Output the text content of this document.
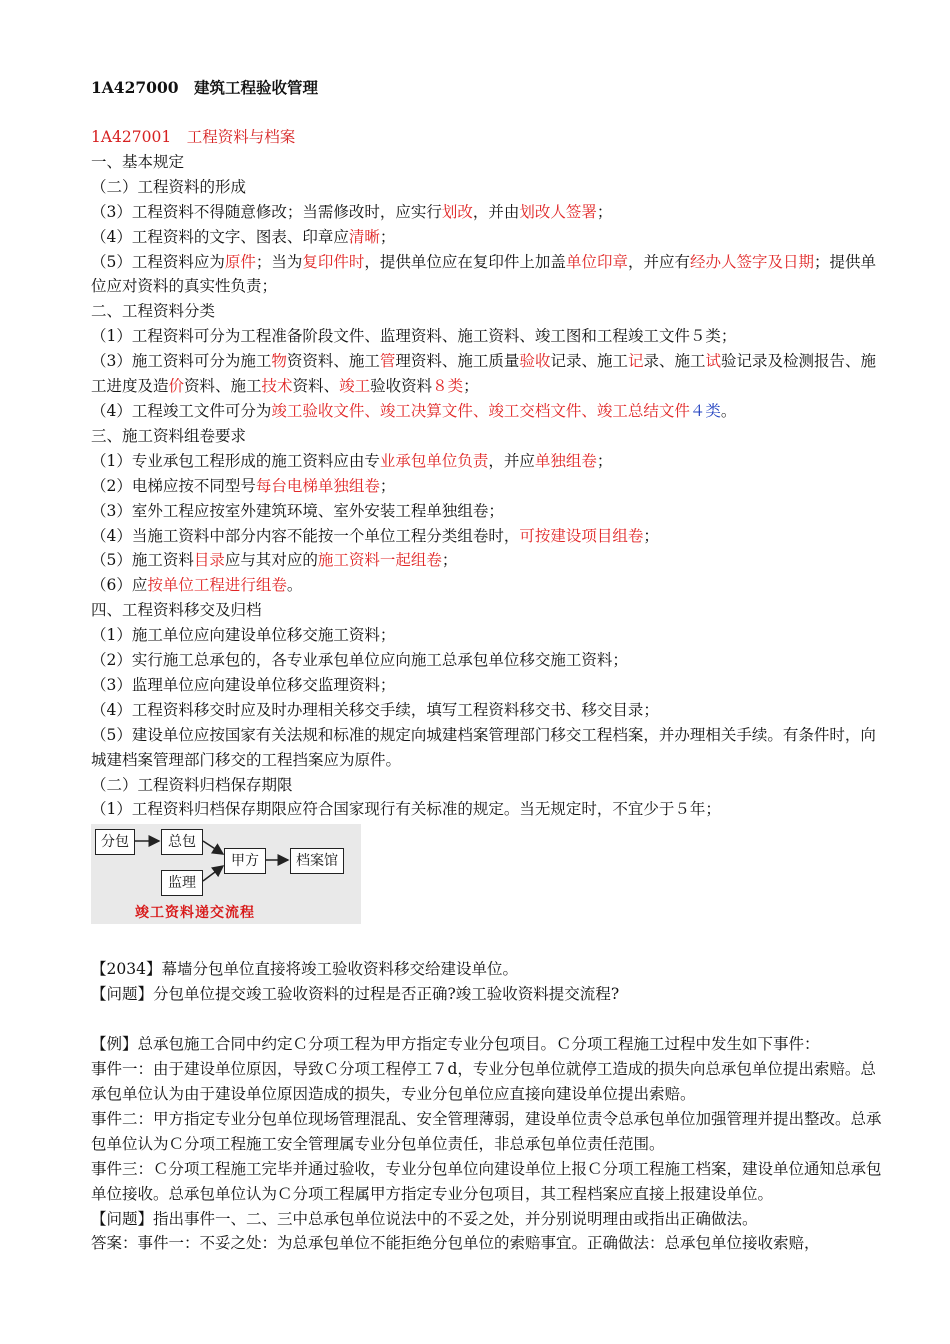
1A427000　建筑工程验收管理
1A427001　工程资料与档案
一、基本规定
（二）工程资料的形成
（3）工程资料不得随意修改；当需修改时，应实行划改，并由划改人签署；
（4）工程资料的文字、图表、印章应清晰；
（5）工程资料应为原件；当为复印件时，提供单位应在复印件上加盖单位印章，并应有经办人签字及日期；提供单位应对资料的真实性负责；
二、工程资料分类
（1）工程资料可分为工程准备阶段文件、监理资料、施工资料、竣工图和工程竣工文件５类；
（3）施工资料可分为施工物资资料、施工管理资料、施工质量验收记录、施工记录、施工试验记录及检测报告、施工进度及造价资料、施工技术资料、竣工验收资料８类；
（4）工程竣工文件可分为竣工验收文件、竣工决算文件、竣工交档文件、竣工总结文件４类。
三、施工资料组卷要求
（1）专业承包工程形成的施工资料应由专业承包单位负责，并应单独组卷；
（2）电梯应按不同型号每台电梯单独组卷；
（3）室外工程应按室外建筑环境、室外安装工程单独组卷；
（4）当施工资料中部分内容不能按一个单位工程分类组卷时，可按建设项目组卷；
（5）施工资料目录应与其对应的施工资料一起组卷；
（6）应按单位工程进行组卷。
四、工程资料移交及归档
（1）施工单位应向建设单位移交施工资料；
（2）实行施工总承包的，各专业承包单位应向施工总承包单位移交施工资料；
（3）监理单位应向建设单位移交监理资料；
（4）工程资料移交时应及时办理相关移交手续，填写工程资料移交书、移交目录；
（5）建设单位应按国家有关法规和标准的规定向城建档案管理部门移交工程档案，并办理相关手续。有条件时，向城建档案管理部门移交的工程挡案应为原件。
（二）工程资料归档保存期限
（1）工程资料归档保存期限应符合国家现行有关标准的规定。当无规定时，不宜少于５年；
分包	总包
监理
甲方	档案馆
竣工资料递交流程
【2034】幕墙分包单位直接将竣工验收资料移交给建设单位。
【问题】分包单位提交竣工验收资料的过程是否正确?竣工验收资料提交流程?
【例】总承包施工合同中约定Ｃ分项工程为甲方指定专业分包项目。Ｃ分项工程施工过程中发生如下事件：
事件一：由于建设单位原因，导致Ｃ分项工程停工７d，专业分包单位就停工造成的损失向总承包单位提出索赔。总承包单位认为由于建设单位原因造成的损失，专业分包单位应直接向建设单位提出索赔。
事件二：甲方指定专业分包单位现场管理混乱、安全管理薄弱，建设单位责令总承包单位加强管理并提出整改。总承包单位认为Ｃ分项工程施工安全管理属专业分包单位责任，非总承包单位责任范围。
事件三：Ｃ分项工程施工完毕并通过验收，专业分包单位向建设单位上报Ｃ分项工程施工档案，建设单位通知总承包单位接收。总承包单位认为Ｃ分项工程属甲方指定专业分包项目，其工程档案应直接上报建设单位。
【问题】指出事件一、二、三中总承包单位说法中的不妥之处，并分别说明理由或指出正确做法。
答案：事件一：不妥之处：为总承包单位不能拒绝分包单位的索赔事宜。正确做法：总承包单位接收索赔，
